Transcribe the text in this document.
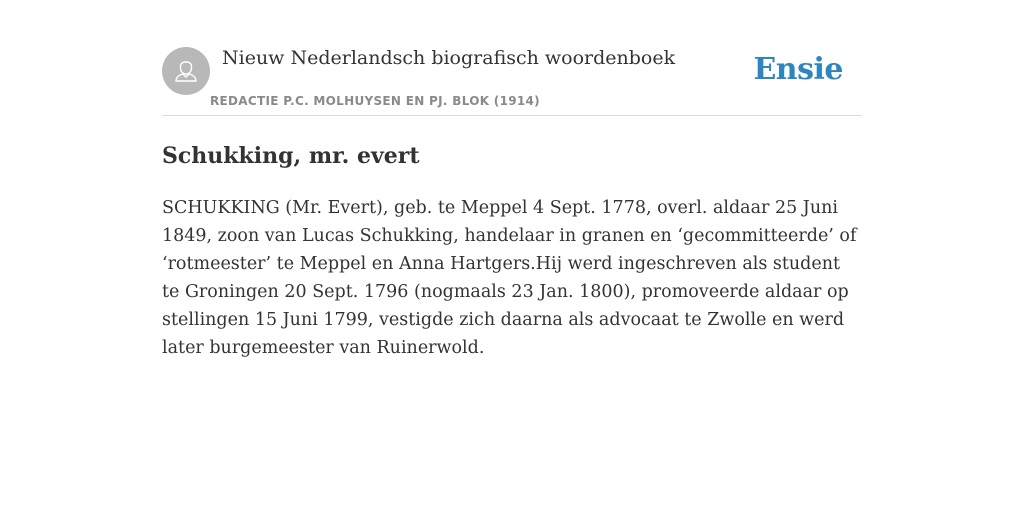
Nieuw Nederlandsch biografisch woordenboek
REDACTIE P.C. MOLHUYSEN EN PJ. BLOK (1914)
Ensie
Schukking, mr. evert

SCHUKKING (Mr. Evert), geb. te Meppel 4 Sept. 1778, overl. aldaar 25 Juni 1849, zoon van Lucas Schukking, handelaar in granen en ‘gecommitteerde’ of ‘rotmeester’ te Meppel en Anna Hartgers.Hij werd ingeschreven als student te Groningen 20 Sept. 1796 (nogmaals 23 Jan. 1800), promoveerde aldaar op stellingen 15 Juni 1799, vestigde zich daarna als advocaat te Zwolle en werd later burgemeester van Ruinerwold.
